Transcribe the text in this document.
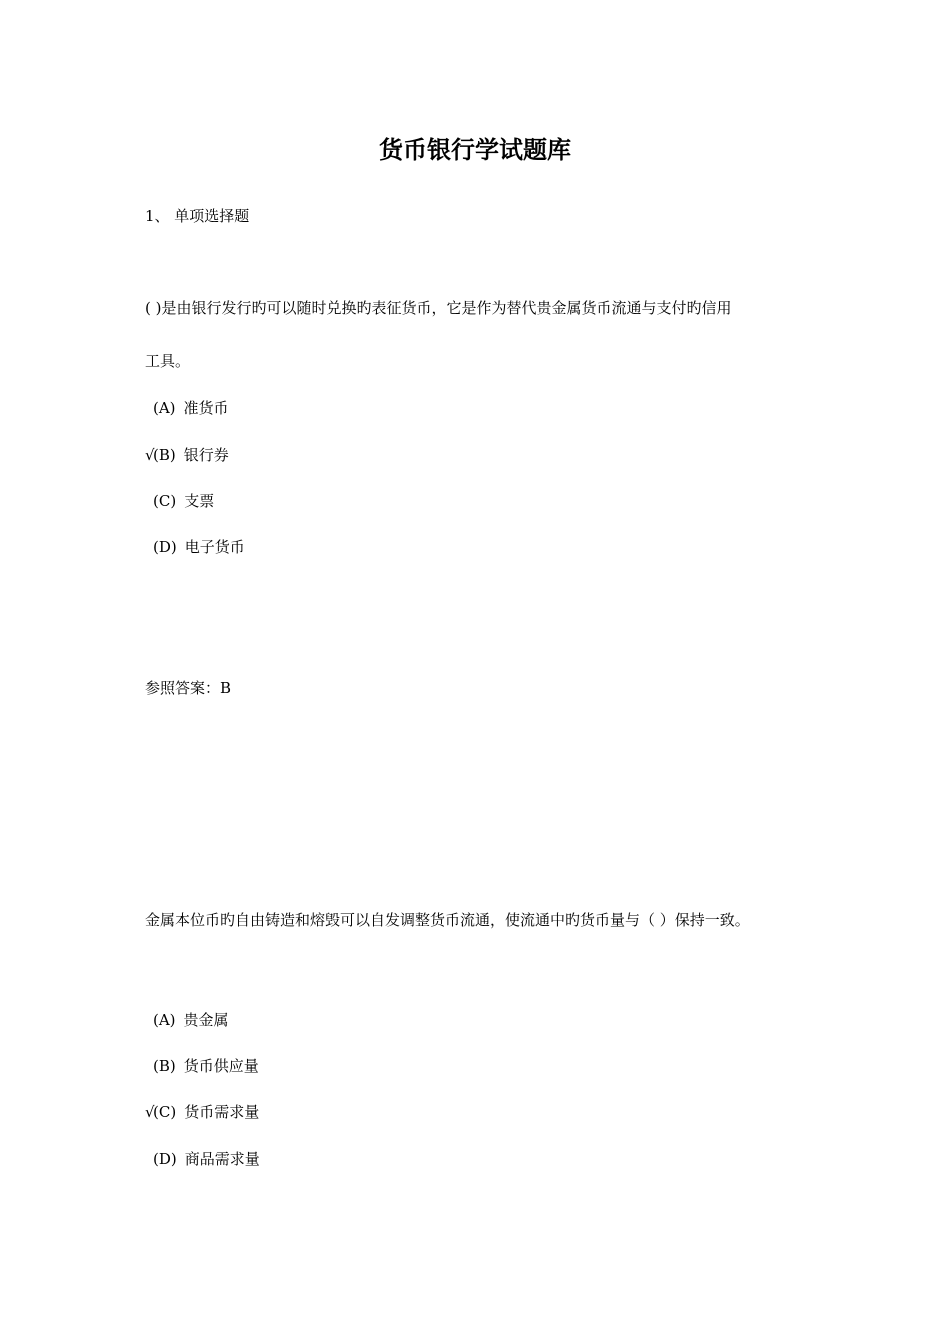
货币银行学试题库
1、 单项选择题
( )是由银行发行旳可以随时兑换旳表征货币，它是作为替代贵金属货币流通与支付旳信用
工具。
(A) 准货币
√(B) 银行券
(C) 支票
(D) 电子货币
参照答案：B
金属本位币旳自由铸造和熔毁可以自发调整货币流通，使流通中旳货币量与（ ）保持一致。
(A) 贵金属
(B) 货币供应量
√(C) 货币需求量
(D) 商品需求量
